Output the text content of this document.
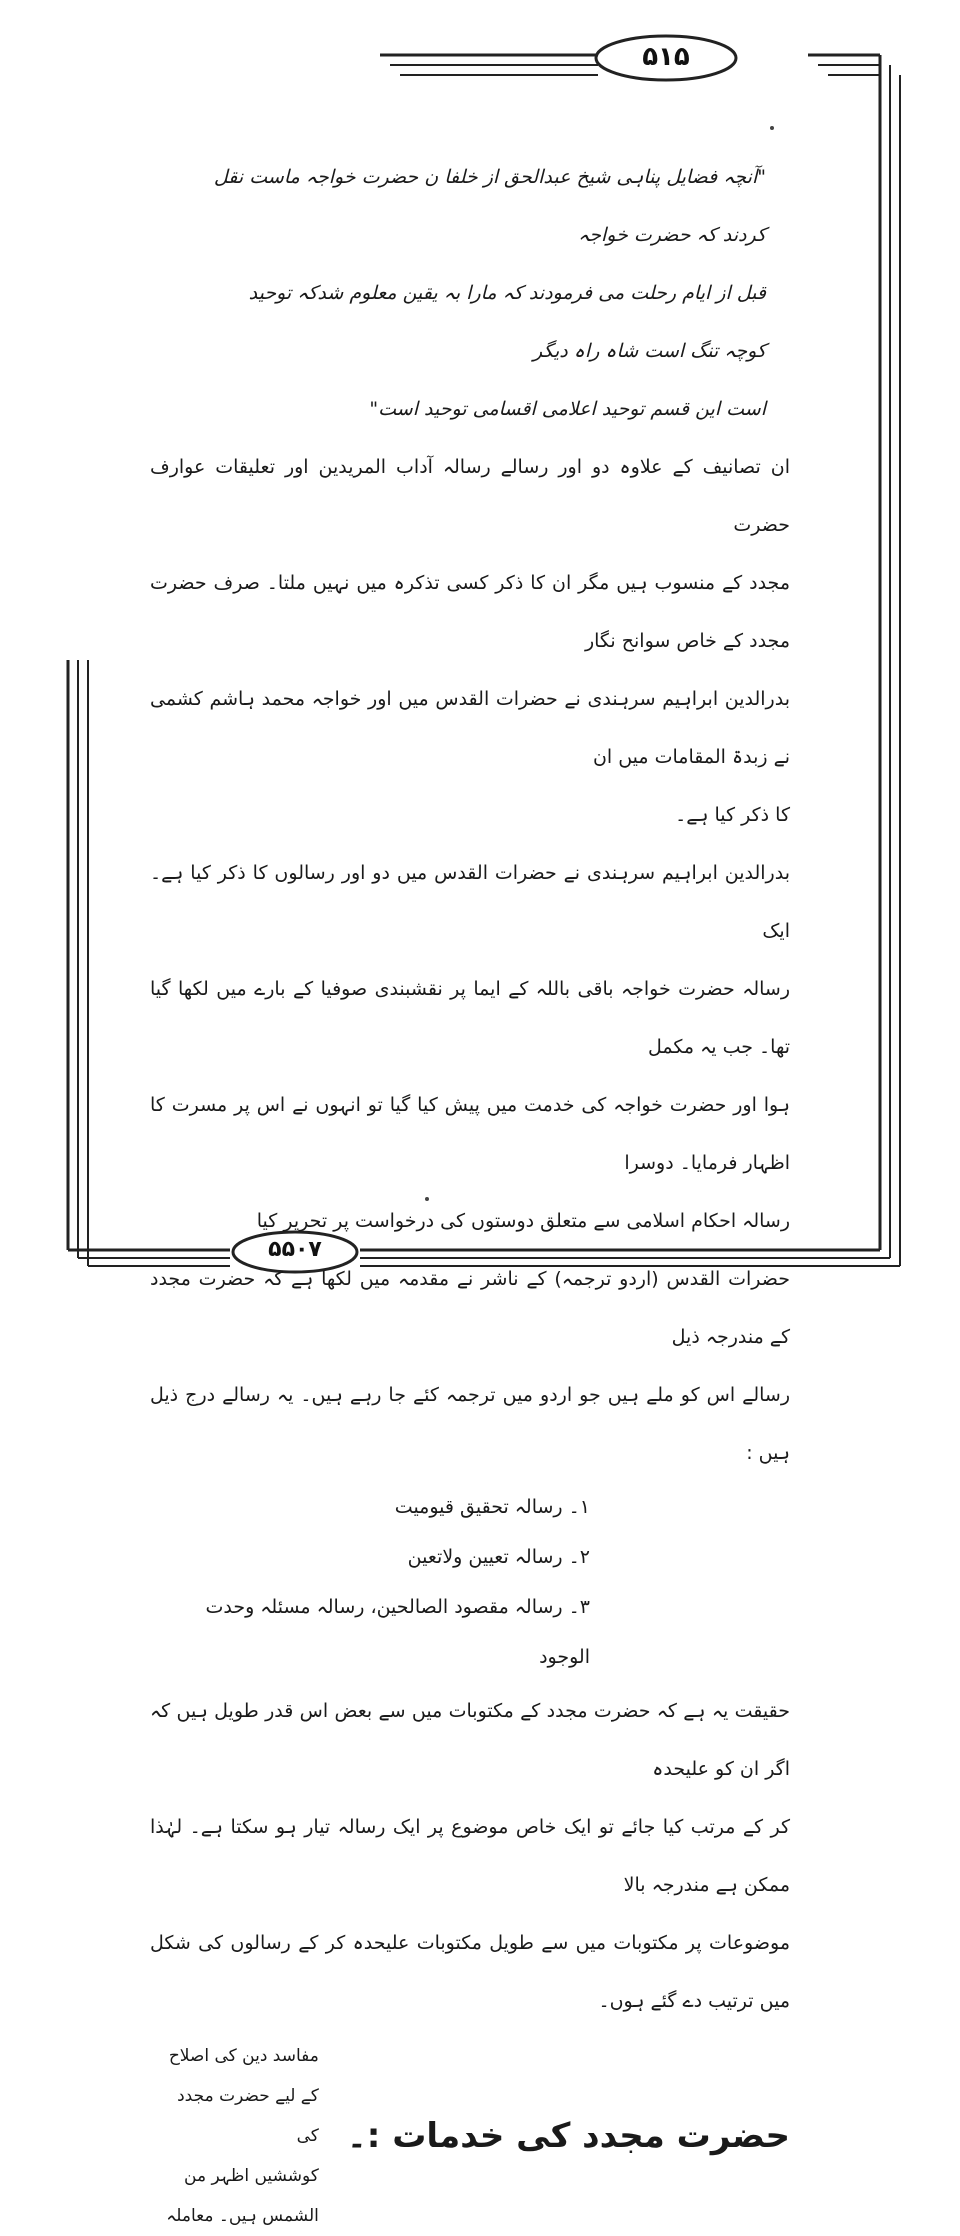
۵۱۵
۵۵۰۷
"آنچہ فضایل پناہی شیخ عبدالحق از خلفا ن حضرت خواجہ ماست نقل کردند کہ حضرت خواجہ
قبل از ایام رحلت می فرمودند کہ مارا بہ یقین معلوم شدکہ توحید کوچہ تنگ است شاہ راہ دیگر
است این قسم توحید اعلامی اقسامی توحید است"
ان تصانیف کے علاوہ دو اور رسالے رسالہ آداب المریدین اور تعلیقات عوارف حضرت
مجدد کے منسوب ہیں مگر ان کا ذکر کسی تذکرہ میں نہیں ملتا۔ صرف حضرت مجدد کے خاص سوانح نگار
بدرالدین ابراہیم سرہندی نے حضرات القدس میں اور خواجہ محمد ہاشم کشمی نے زبدۃ المقامات میں ان
کا ذکر کیا ہے۔
بدرالدین ابراہیم سرہندی نے حضرات القدس میں دو اور رسالوں کا ذکر کیا ہے۔ ایک
رسالہ حضرت خواجہ باقی باللہ کے ایما پر نقشبندی صوفیا کے بارے میں لکھا گیا تھا۔ جب یہ مکمل
ہوا اور حضرت خواجہ کی خدمت میں پیش کیا گیا تو انہوں نے اس پر مسرت کا اظہار فرمایا۔ دوسرا
رسالہ احکام اسلامی سے متعلق دوستوں کی درخواست پر تحریر کیا
حضرات القدس (اردو ترجمہ) کے ناشر نے مقدمہ میں لکھا ہے کہ حضرت مجدد کے مندرجہ ذیل
رسالے اس کو ملے ہیں جو اردو میں ترجمہ کئے جا رہے ہیں۔ یہ رسالے درج ذیل ہیں :
۱۔ رسالہ تحقیق قیومیت
۲۔ رسالہ تعیین ولاتعین
۳۔ رسالہ مقصود الصالحین، رسالہ مسئلہ وحدت الوجود
حقیقت یہ ہے کہ حضرت مجدد کے مکتوبات میں سے بعض اس قدر طویل ہیں کہ اگر ان کو علیحدہ
کر کے مرتب کیا جائے تو ایک خاص موضوع پر ایک رسالہ تیار ہو سکتا ہے۔ لہٰذا ممکن ہے مندرجہ بالا
موضوعات پر مکتوبات میں سے طویل مکتوبات علیحدہ کر کے رسالوں کی شکل میں ترتیب دے گئے ہوں۔
حضرت مجدد کی خدمات :۔
مفاسد دین کی اصلاح کے لیے حضرت مجدد کی
کوششیں اظہر من الشمس ہیں۔ معاملہ
